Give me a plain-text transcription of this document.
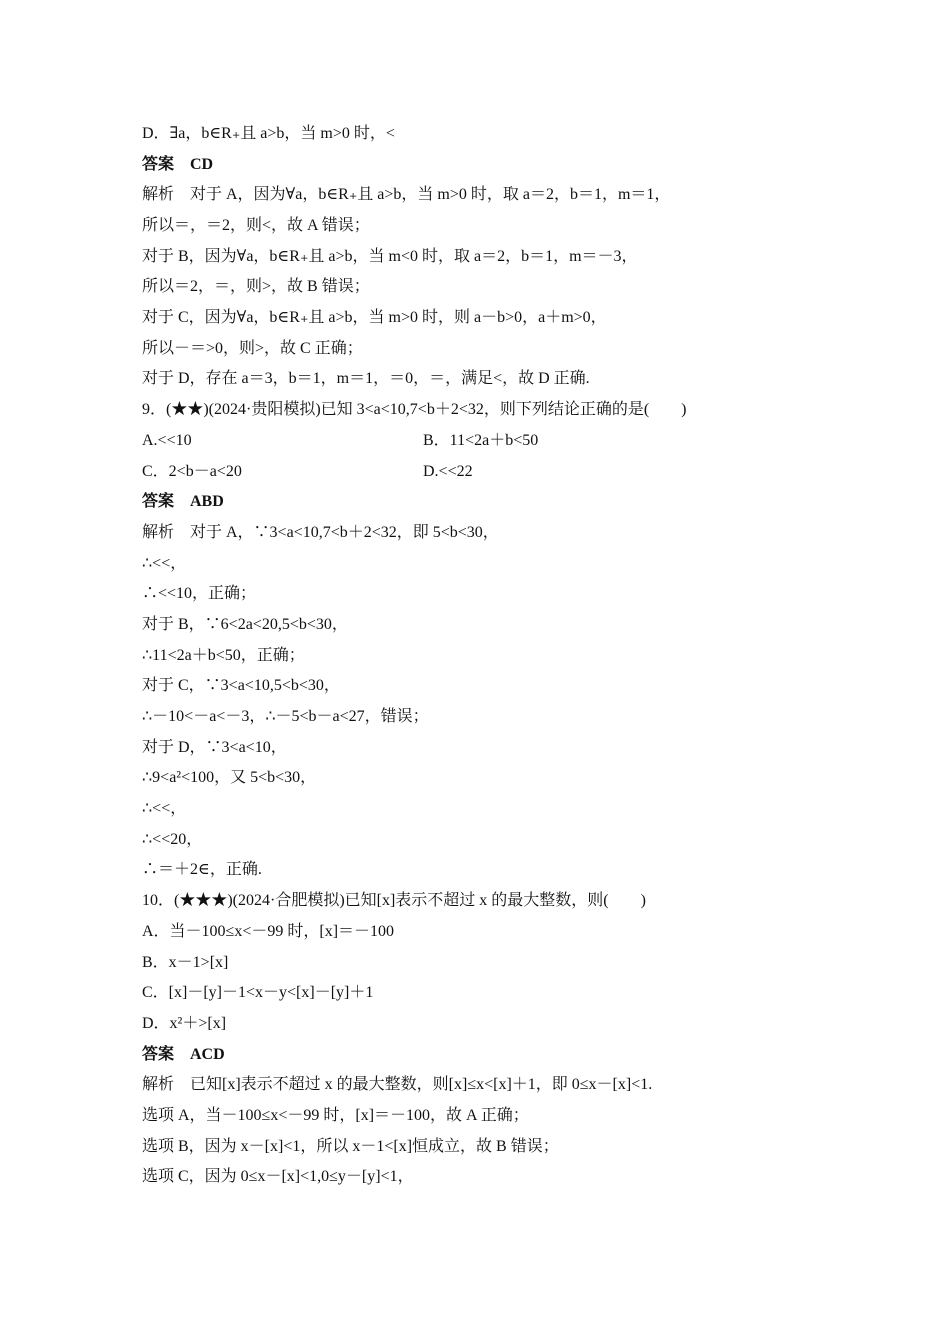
D．∃a，b∈R₊且 a>b，当 m>0 时，<
答案　CD
解析　对于 A，因为∀a，b∈R₊且 a>b，当 m>0 时，取 a＝2，b＝1，m＝1，
所以＝，＝2，则<，故 A 错误；
对于 B，因为∀a，b∈R₊且 a>b，当 m<0 时，取 a＝2，b＝1，m＝－3，
所以＝2，＝，则>，故 B 错误；
对于 C，因为∀a，b∈R₊且 a>b，当 m>0 时，则 a－b>0，a＋m>0，
所以－＝>0，则>，故 C 正确；
对于 D，存在 a＝3，b＝1，m＝1，＝0，＝，满足<，故 D 正确.
9．(★★)(2024·贵阳模拟)已知 3<a<10,7<b＋2<32，则下列结论正确的是(　　)
A.<<10	B．11<2a＋b<50
C．2<b－a<20	D.<<22
答案　ABD
解析　对于 A，∵3<a<10,7<b＋2<32，即 5<b<30，
∴<<，
∴<<10，正确；
对于 B，∵6<2a<20,5<b<30，
∴11<2a＋b<50，正确；
对于 C，∵3<a<10,5<b<30，
∴－10<－a<－3，∴－5<b－a<27，错误；
对于 D，∵3<a<10，
∴9<a²<100，又 5<b<30，
∴<<，
∴<<20，
∴＝＋2∈，正确.
10．(★★★)(2024·合肥模拟)已知[x]表示不超过 x 的最大整数，则(　　)
A．当－100≤x<－99 时，[x]＝－100
B．x－1>[x]
C．[x]－[y]－1<x－y<[x]－[y]＋1
D．x²＋>[x]
答案　ACD
解析　已知[x]表示不超过 x 的最大整数，则[x]≤x<[x]＋1，即 0≤x－[x]<1.
选项 A，当－100≤x<－99 时，[x]＝－100，故 A 正确；
选项 B，因为 x－[x]<1，所以 x－1<[x]恒成立，故 B 错误；
选项 C，因为 0≤x－[x]<1,0≤y－[y]<1，
